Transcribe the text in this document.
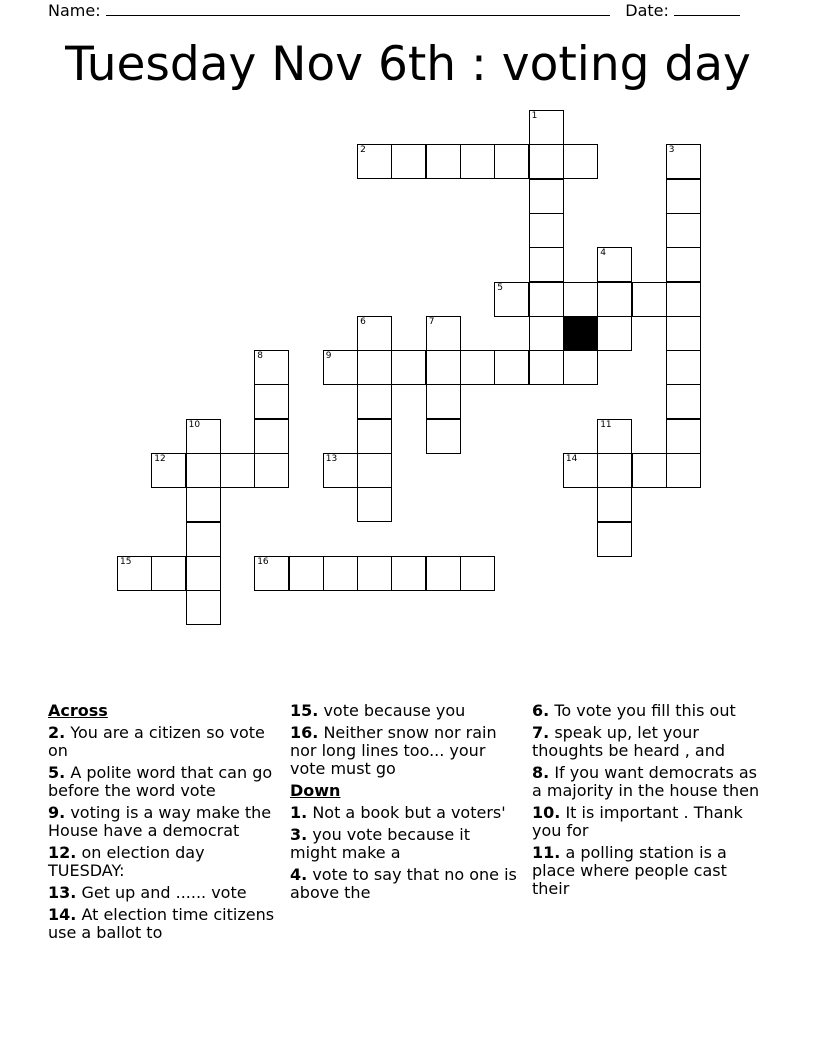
Name:	Date:
Tuesday Nov 6th : voting day
1
2	3
4
5
6	7
8	9
10	11
12	13	14
15	16
Across
2. You are a citizen so vote on
5. A polite word that can go before the word vote
9. voting is a way make the House have a democrat
12. on election day TUESDAY:
13. Get up and ...... vote
14. At election time citizens use a ballot to
15. vote because you
16. Neither snow nor rain nor long lines too... your vote must go
Down
1. Not a book but a voters'
3. you vote because it might make a
4. vote to say that no one is above the
6. To vote you fill this out
7. speak up, let your thoughts be heard , and
8. If you want democrats as a majority in the house then
10. It is important . Thank you for
11. a polling station is a place where people cast their
